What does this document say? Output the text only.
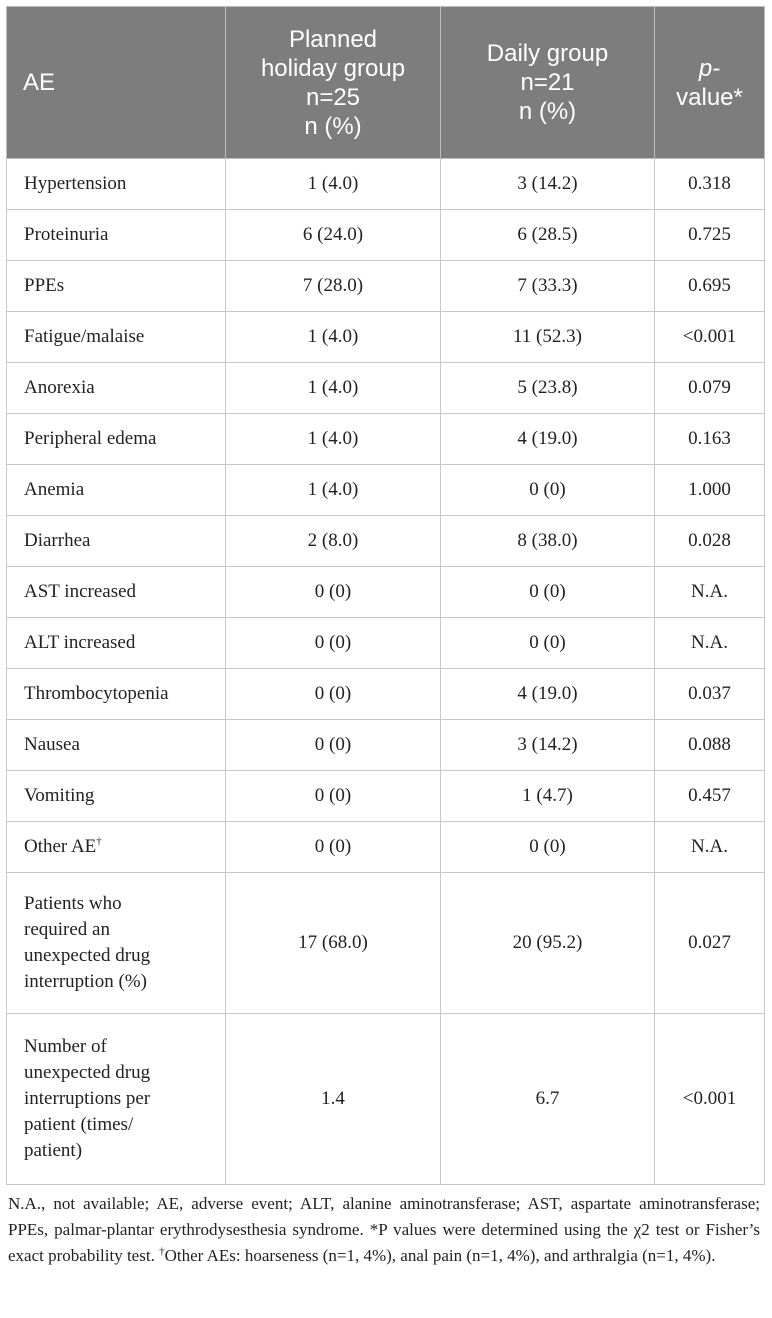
AE	Planned
holiday group
n=25
n (%)	Daily group
n=21
n (%)	p-
value*
Hypertension	1 (4.0)	3 (14.2)	0.318
Proteinuria	6 (24.0)	6 (28.5)	0.725
PPEs	7 (28.0)	7 (33.3)	0.695
Fatigue/malaise	1 (4.0)	11 (52.3)	<0.001
Anorexia	1 (4.0)	5 (23.8)	0.079
Peripheral edema	1 (4.0)	4 (19.0)	0.163
Anemia	1 (4.0)	0 (0)	1.000
Diarrhea	2 (8.0)	8 (38.0)	0.028
AST increased	0 (0)	0 (0)	N.A.
ALT increased	0 (0)	0 (0)	N.A.
Thrombocytopenia	0 (0)	4 (19.0)	0.037
Nausea	0 (0)	3 (14.2)	0.088
Vomiting	0 (0)	1 (4.7)	0.457
Other AE†	0 (0)	0 (0)	N.A.
Patients who
required an
unexpected drug
interruption (%)	17 (68.0)	20 (95.2)	0.027
Number of
unexpected drug
interruptions per
patient (times/
patient)	1.4	6.7	<0.001

N.A., not available; AE, adverse event; ALT, alanine aminotransferase; AST, aspartate aminotransferase; PPEs, palmar-plantar erythrodysesthesia syndrome. *P values were determined using the χ2 test or Fisher’s exact probability test. †Other AEs: hoarseness (n=1, 4%), anal pain (n=1, 4%), and arthralgia (n=1, 4%).
